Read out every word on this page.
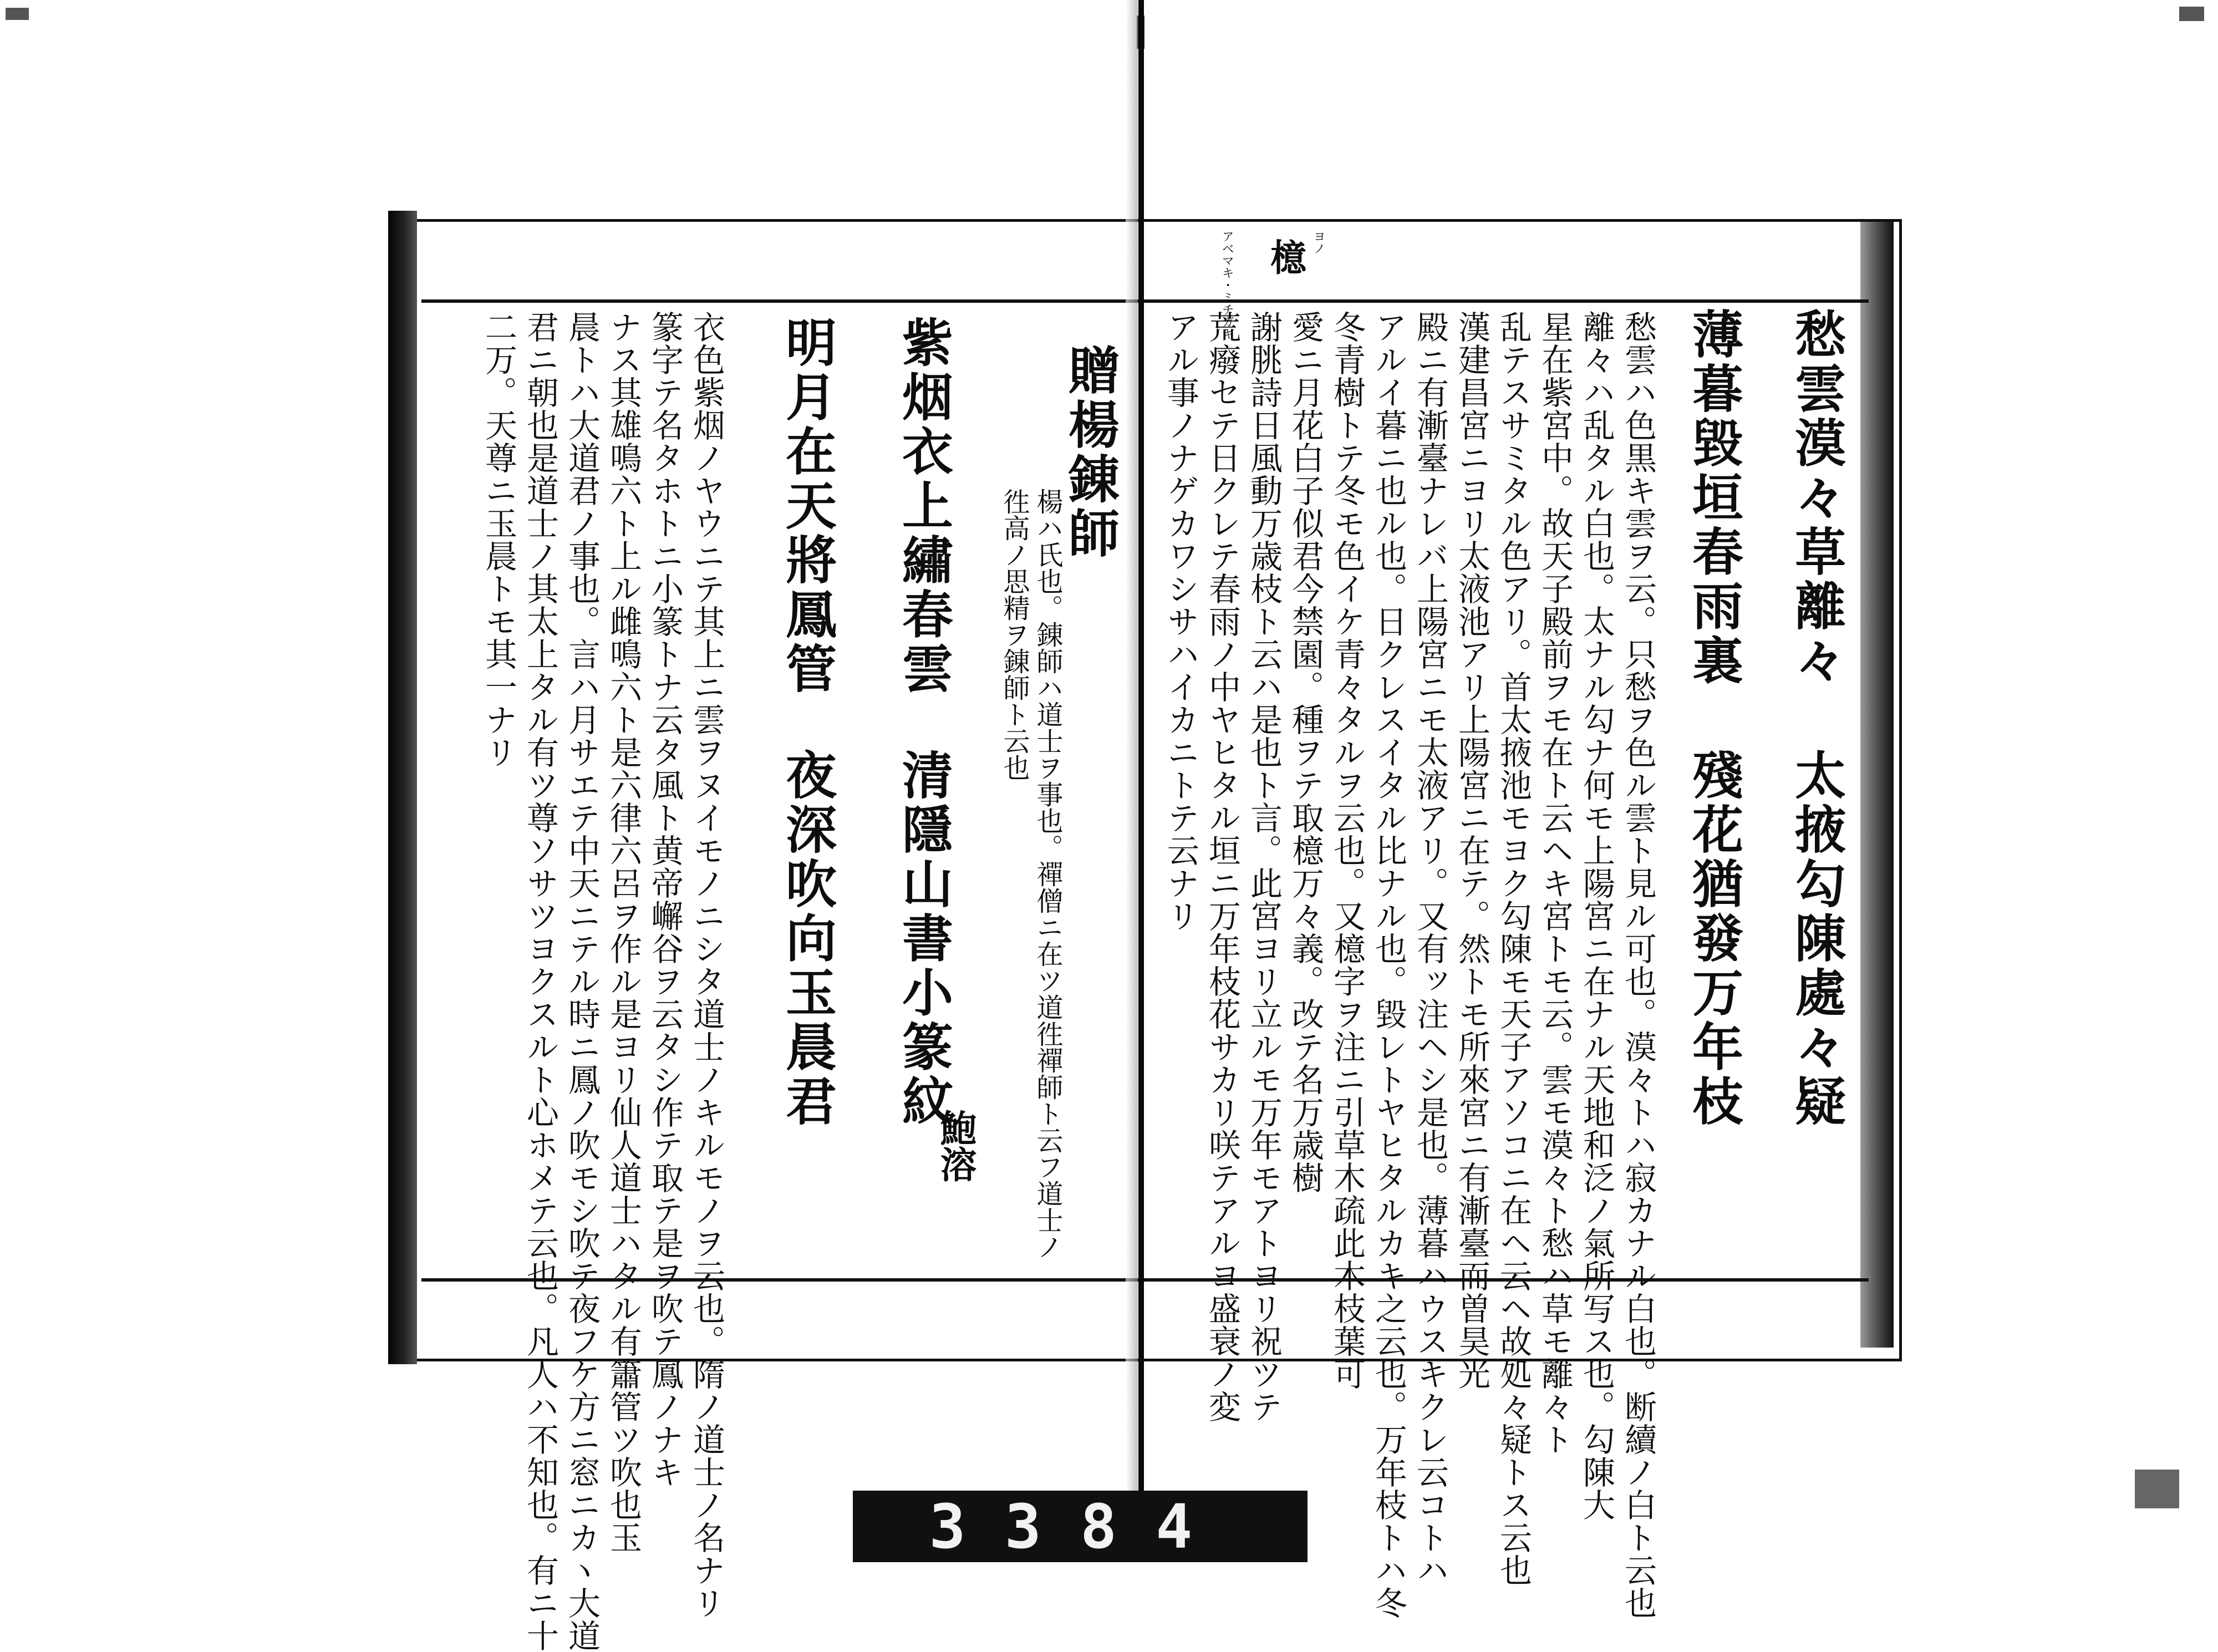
檍 ヨノ
アベマキ・ミチガキ
愁雲漠々草離々
太掖勾陳處々疑
薄暮毀垣春雨裏
殘花猶發万年枝
愁雲ハ色黒キ雲ヲ云。只愁ヲ色ル雲ト見ル可也。漠々トハ寂カナル白也。断續ノ白ト云也
離々ハ乱タル白也。太ナル勾ナ何モ上陽宮ニ在ナル天地和泛ノ氣所写ス也。勾陳大
星在紫宮中。故天子殿前ヲモ在ト云ヘキ宮トモ云。雲モ漠々ト愁ハ草モ離々ト
乱テスサミタル色アリ。首太掖池モヨク勾陳モ天子アソコニ在ヘ云ヘ故処々疑トス云也
漢建昌宮ニヨリ太液池アリ上陽宮ニ在テ。然トモ所來宮ニ有漸臺而曽昊光
殿ニ有漸臺ナレバ上陽宮ニモ太液アリ。又有ッ注ヘシ是也。薄暮ハウスキクレ云コトハ
アルイ暮ニ也ル也。日クレスイタル比ナル也。毀レトヤヒタルカキ之云也。万年枝トハ冬
冬青樹トテ冬モ色イケ青々タルヲ云也。又檍字ヲ注ニ引草木疏此木枝葉可
愛ニ月花白子似君今禁園。種ヲテ取檍万々義。改テ名万歳樹
謝朓詩日風動万歳枝ト云ハ是也ト言。此宮ヨリ立ルモ万年モアトヨリ祝ツテ
荒癈セテ日クレテ春雨ノ中ヤヒタル垣ニ万年枝花サカリ咲テアルヨ盛衰ノ変
アル事ノナゲカワシサハイカニトテ云ナリ
贈楊錬師
楊ハ氏也。錬師ハ道士ヲ事也。禪僧ニ在ツ道徃禪師ト云フ道士ノ
徃高ノ思精ヲ錬師ト云也
紫烟衣上繡春雲
清隱山書小篆紋
鮑溶
明月在天將鳳管
夜深吹向玉晨君
衣色紫烟ノヤウニテ其上ニ雲ヲヌイモノニシタ道士ノキルモノヲ云也。隋ノ道士ノ名ナリ
篆字テ名タホトニ小篆トナ云タ風ト黄帝嶰谷ヲ云タシ作テ取テ是ヲ吹テ鳳ノナキ
ナス其雄鳴六ト上ル雌鳴六ト是六律六呂ヲ作ル是ヨリ仙人道士ハタル有簫管ツ吹也玉
晨トハ大道君ノ事也。言ハ月サエテ中天ニテル時ニ鳳ノ吹モシ吹テ夜フケ方ニ窓ニカヽ大道
君ニ朝也是道士ノ其太上タル有ツ尊ソサツヨクスルト心ホメテ云也。凡人ハ不知也。有ニ十
二万。天尊ニ玉晨トモ其一ナリ
3384
